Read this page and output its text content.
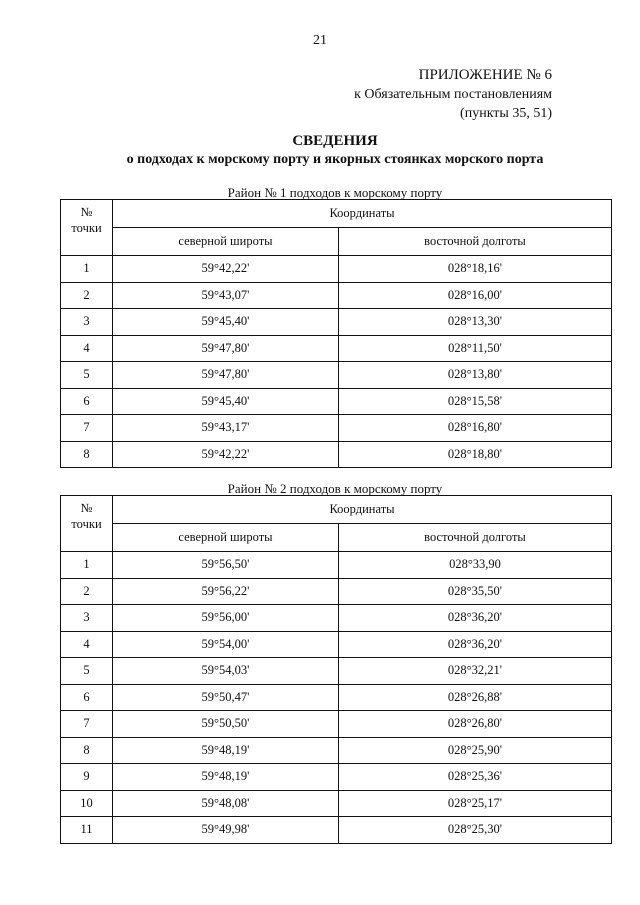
21
ПРИЛОЖЕНИЕ № 6
к Обязательным постановлениям
(пункты 35, 51)
СВЕДЕНИЯ
о подходах к морскому порту и якорных стоянках морского порта
Район № 1 подходов к морскому порту
№
точки	Координаты	
	северной широты	восточной долготы
1	59°42,22'	028°18,16'
2	59°43,07'	028°16,00'
3	59°45,40'	028°13,30'
4	59°47,80'	028°11,50'
5	59°47,80'	028°13,80'
6	59°45,40'	028°15,58'
7	59°43,17'	028°16,80'
8	59°42,22'	028°18,80'
Район № 2 подходов к морскому порту
№
точки	Координаты	
	северной широты	восточной долготы
1	59°56,50'	028°33,90
2	59°56,22'	028°35,50'
3	59°56,00'	028°36,20'
4	59°54,00'	028°36,20'
5	59°54,03'	028°32,21'
6	59°50,47'	028°26,88'
7	59°50,50'	028°26,80'
8	59°48,19'	028°25,90'
9	59°48,19'	028°25,36'
10	59°48,08'	028°25,17'
11	59°49,98'	028°25,30'
